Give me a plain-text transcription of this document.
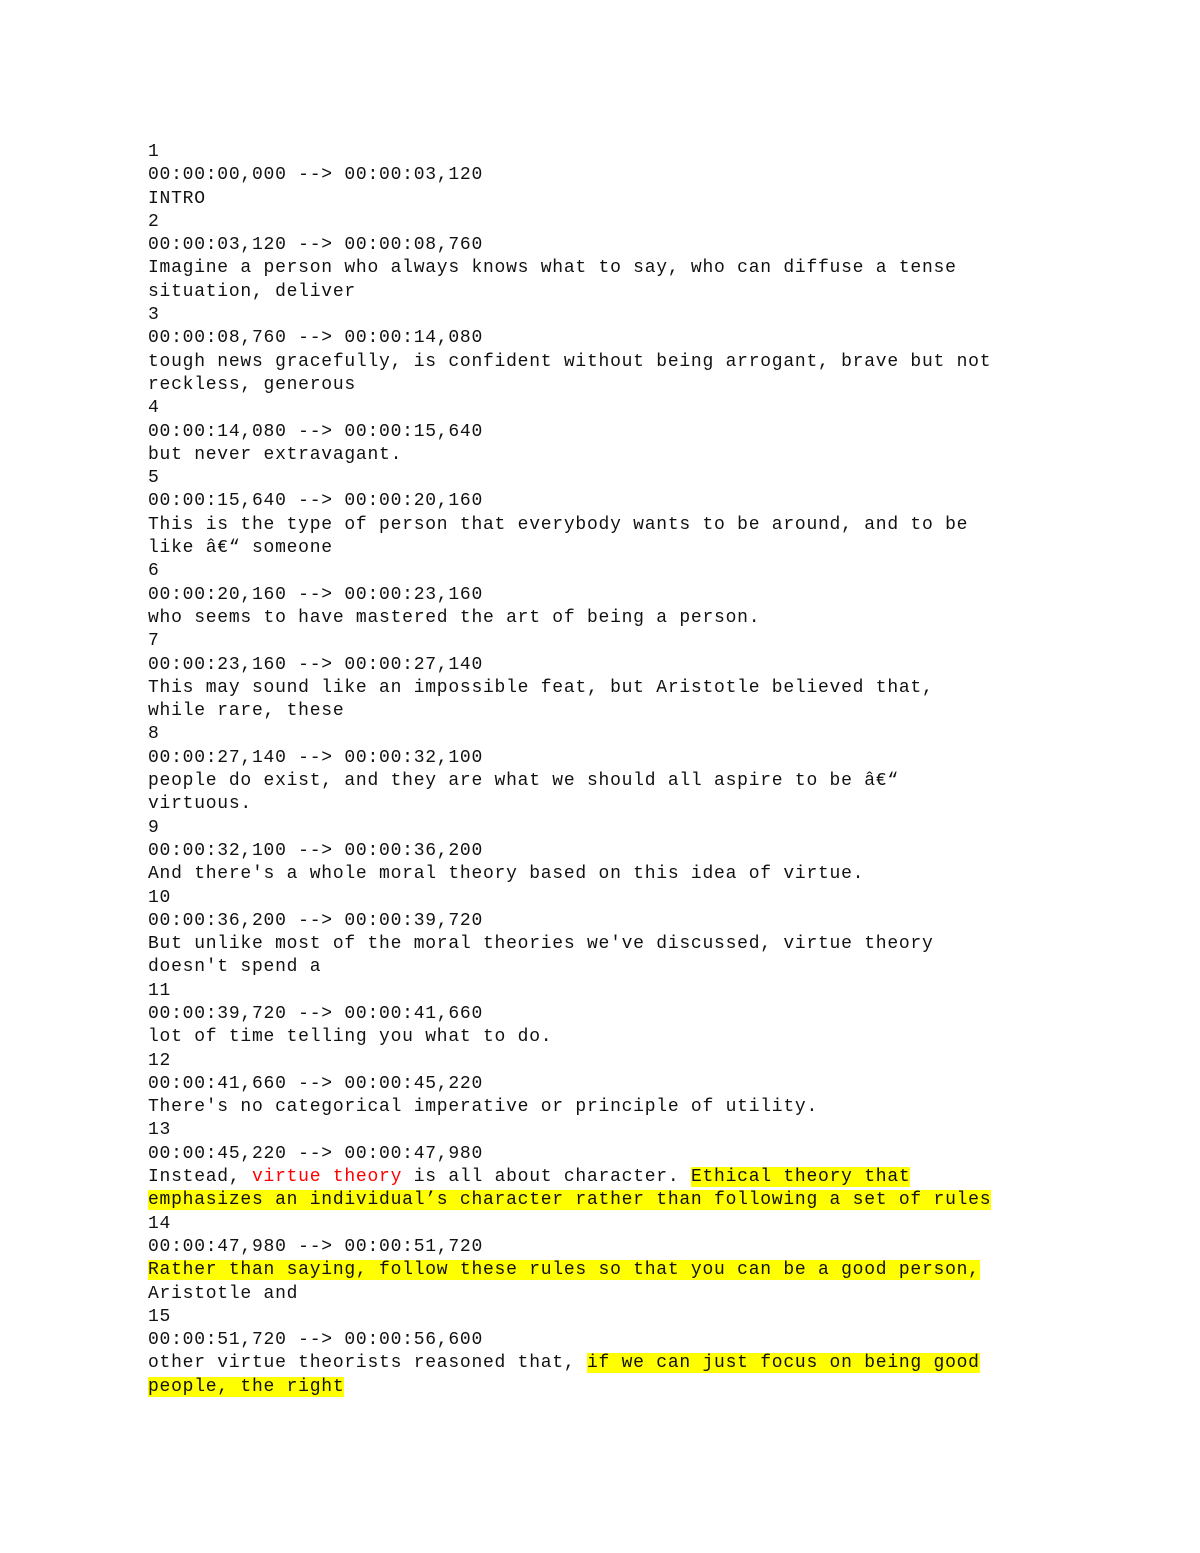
1
00:00:00,000 --> 00:00:03,120
INTRO
2
00:00:03,120 --> 00:00:08,760
Imagine a person who always knows what to say, who can diffuse a tense
situation, deliver
3
00:00:08,760 --> 00:00:14,080
tough news gracefully, is confident without being arrogant, brave but not
reckless, generous
4
00:00:14,080 --> 00:00:15,640
but never extravagant.
5
00:00:15,640 --> 00:00:20,160
This is the type of person that everybody wants to be around, and to be
like â€“ someone
6
00:00:20,160 --> 00:00:23,160
who seems to have mastered the art of being a person.
7
00:00:23,160 --> 00:00:27,140
This may sound like an impossible feat, but Aristotle believed that,
while rare, these
8
00:00:27,140 --> 00:00:32,100
people do exist, and they are what we should all aspire to be â€“
virtuous.
9
00:00:32,100 --> 00:00:36,200
And there's a whole moral theory based on this idea of virtue.
10
00:00:36,200 --> 00:00:39,720
But unlike most of the moral theories we've discussed, virtue theory
doesn't spend a
11
00:00:39,720 --> 00:00:41,660
lot of time telling you what to do.
12
00:00:41,660 --> 00:00:45,220
There's no categorical imperative or principle of utility.
13
00:00:45,220 --> 00:00:47,980
Instead, virtue theory is all about character. Ethical theory that
emphasizes an individual’s character rather than following a set of rules
14
00:00:47,980 --> 00:00:51,720
Rather than saying, follow these rules so that you can be a good person,
Aristotle and
15
00:00:51,720 --> 00:00:56,600
other virtue theorists reasoned that, if we can just focus on being good
people, the right
